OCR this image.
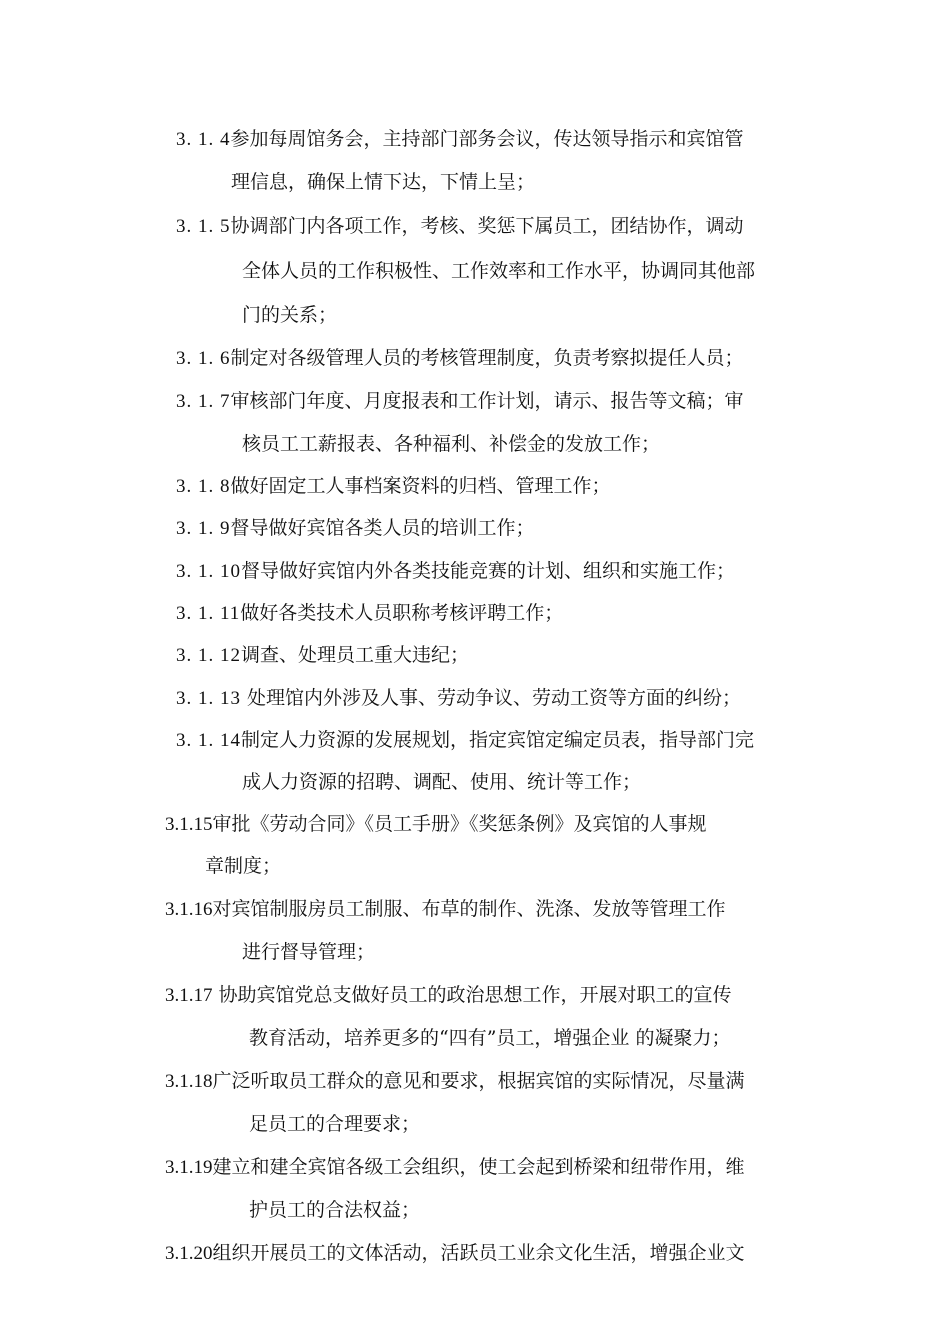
3. 1. 4参加每周馆务会，主持部门部务会议，传达领导指示和宾馆管
理信息，确保上情下达，下情上呈；
3. 1. 5协调部门内各项工作，考核、奖惩下属员工，团结协作，调动
全体人员的工作积极性、工作效率和工作水平，协调同其他部
门的关系；
3. 1. 6制定对各级管理人员的考核管理制度，负责考察拟提任人员；
3. 1. 7审核部门年度、月度报表和工作计划，请示、报告等文稿；审
核员工工薪报表、各种福利、补偿金的发放工作；
3. 1. 8做好固定工人事档案资料的归档、管理工作；
3. 1. 9督导做好宾馆各类人员的培训工作；
3. 1. 10督导做好宾馆内外各类技能竞赛的计划、组织和实施工作；
3. 1. 11做好各类技术人员职称考核评聘工作；
3. 1. 12调查、处理员工重大违纪；
3. 1. 13 处理馆内外涉及人事、劳动争议、劳动工资等方面的纠纷；
3. 1. 14制定人力资源的发展规划，指定宾馆定编定员表，指导部门完
成人力资源的招聘、调配、使用、统计等工作；
3.1.15审批《劳动合同》《员工手册》《奖惩条例》及宾馆的人事规
章制度；
3.1.16对宾馆制服房员工制服、布草的制作、洗涤、发放等管理工作
进行督导管理；
3.1.17 协助宾馆党总支做好员工的政治思想工作，开展对职工的宣传
教育活动，培养更多的“四有”员工，增强企业 的凝聚力；
3.1.18广泛听取员工群众的意见和要求，根据宾馆的实际情况，尽量满
足员工的合理要求；
3.1.19建立和建全宾馆各级工会组织，使工会起到桥梁和纽带作用，维
护员工的合法权益；
3.1.20组织开展员工的文体活动，活跃员工业余文化生活，增强企业文
